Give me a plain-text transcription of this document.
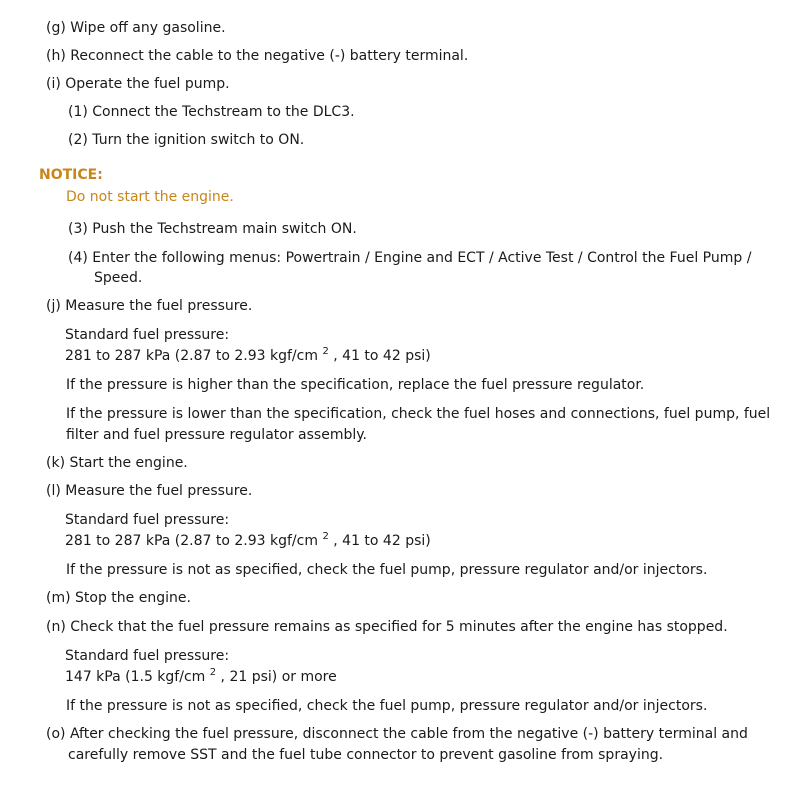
(g) Wipe off any gasoline.
(h) Reconnect the cable to the negative (-) battery terminal.
(i) Operate the fuel pump.
(1) Connect the Techstream to the DLC3.
(2) Turn the ignition switch to ON.
NOTICE:
Do not start the engine.
(3) Push the Techstream main switch ON.
(4) Enter the following menus: Powertrain / Engine and ECT / Active Test / Control the Fuel Pump /
Speed.
(j) Measure the fuel pressure.
Standard fuel pressure:
281 to 287 kPa (2.87 to 2.93 kgf/cm $^2$ , 41 to 42 psi)
If the pressure is higher than the specification, replace the fuel pressure regulator.
If the pressure is lower than the specification, check the fuel hoses and connections, fuel pump, fuel
filter and fuel pressure regulator assembly.
(k) Start the engine.
(l) Measure the fuel pressure.
Standard fuel pressure:
281 to 287 kPa (2.87 to 2.93 kgf/cm $^2$ , 41 to 42 psi)
If the pressure is not as specified, check the fuel pump, pressure regulator and/or injectors.
(m) Stop the engine.
(n) Check that the fuel pressure remains as specified for 5 minutes after the engine has stopped.
Standard fuel pressure:
147 kPa (1.5 kgf/cm $^2$ , 21 psi) or more
If the pressure is not as specified, check the fuel pump, pressure regulator and/or injectors.
(o) After checking the fuel pressure, disconnect the cable from the negative (-) battery terminal and
carefully remove SST and the fuel tube connector to prevent gasoline from spraying.
